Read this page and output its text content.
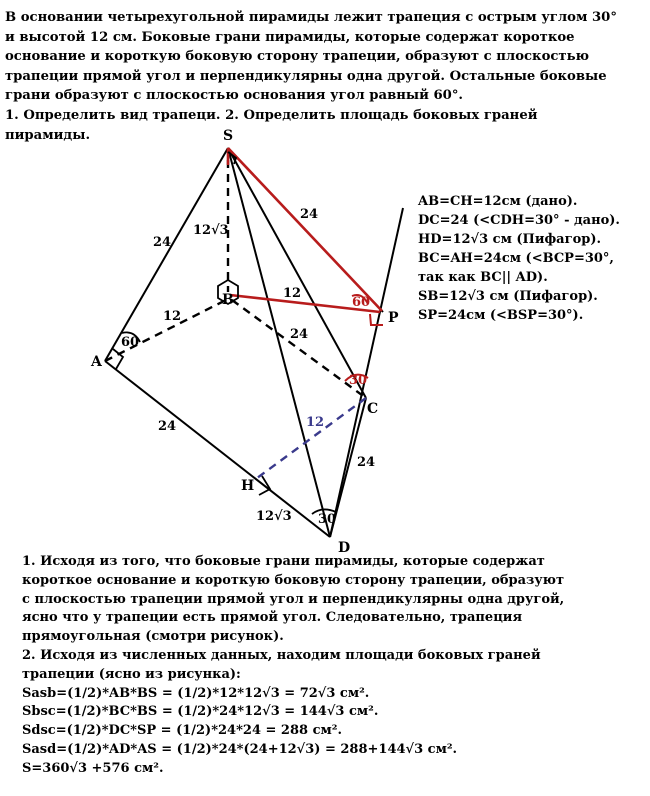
В основании четырехугольной пирамиды лежит трапеция с острым углом 30°
и высотой 12 см. Боковые грани пирамиды, которые содержат короткое
основание и короткую боковую сторону трапеции, образуют с плоскостью
трапеции прямой угол и перпендикулярны одна другой. Остальные боковые
грани образуют с плоскостью основания угол равный 60°.
1. Определить вид трапеци. 2. Определить площадь боковых граней
пирамиды.	S
A
B
C
D
H
P
24
12√3
24
12
12
24
24
24
12√3
60
30
12
60
30
AB=CH=12см (дано).
DC=24 (<CDH=30° - дано).
HD=12√3 см (Пифагор).
BC=AH=24см (<BCP=30°,
так как BC|| AD).
SB=12√3 см (Пифагор).
SP=24см (<BSP=30°).
1. Исходя из того, что боковые грани пирамиды, которые содержат
короткое основание и короткую боковую сторону трапеции, образуют
с плоскостью трапеции прямой угол и перпендикулярны одна другой,
ясно что у трапеции есть прямой угол. Следовательно, трапеция
прямоугольная (смотри рисунок).
2. Исходя из численных данных, находим площади боковых граней
трапеции (ясно из рисунка):
Sasb=(1/2)*AB*BS = (1/2)*12*12√3 = 72√3 см².
Sbsc=(1/2)*BC*BS = (1/2)*24*12√3 = 144√3 см².
Sdsc=(1/2)*DC*SP = (1/2)*24*24 = 288 см².
Sasd=(1/2)*AD*AS = (1/2)*24*(24+12√3) = 288+144√3 см².
S=360√3 +576 см².
